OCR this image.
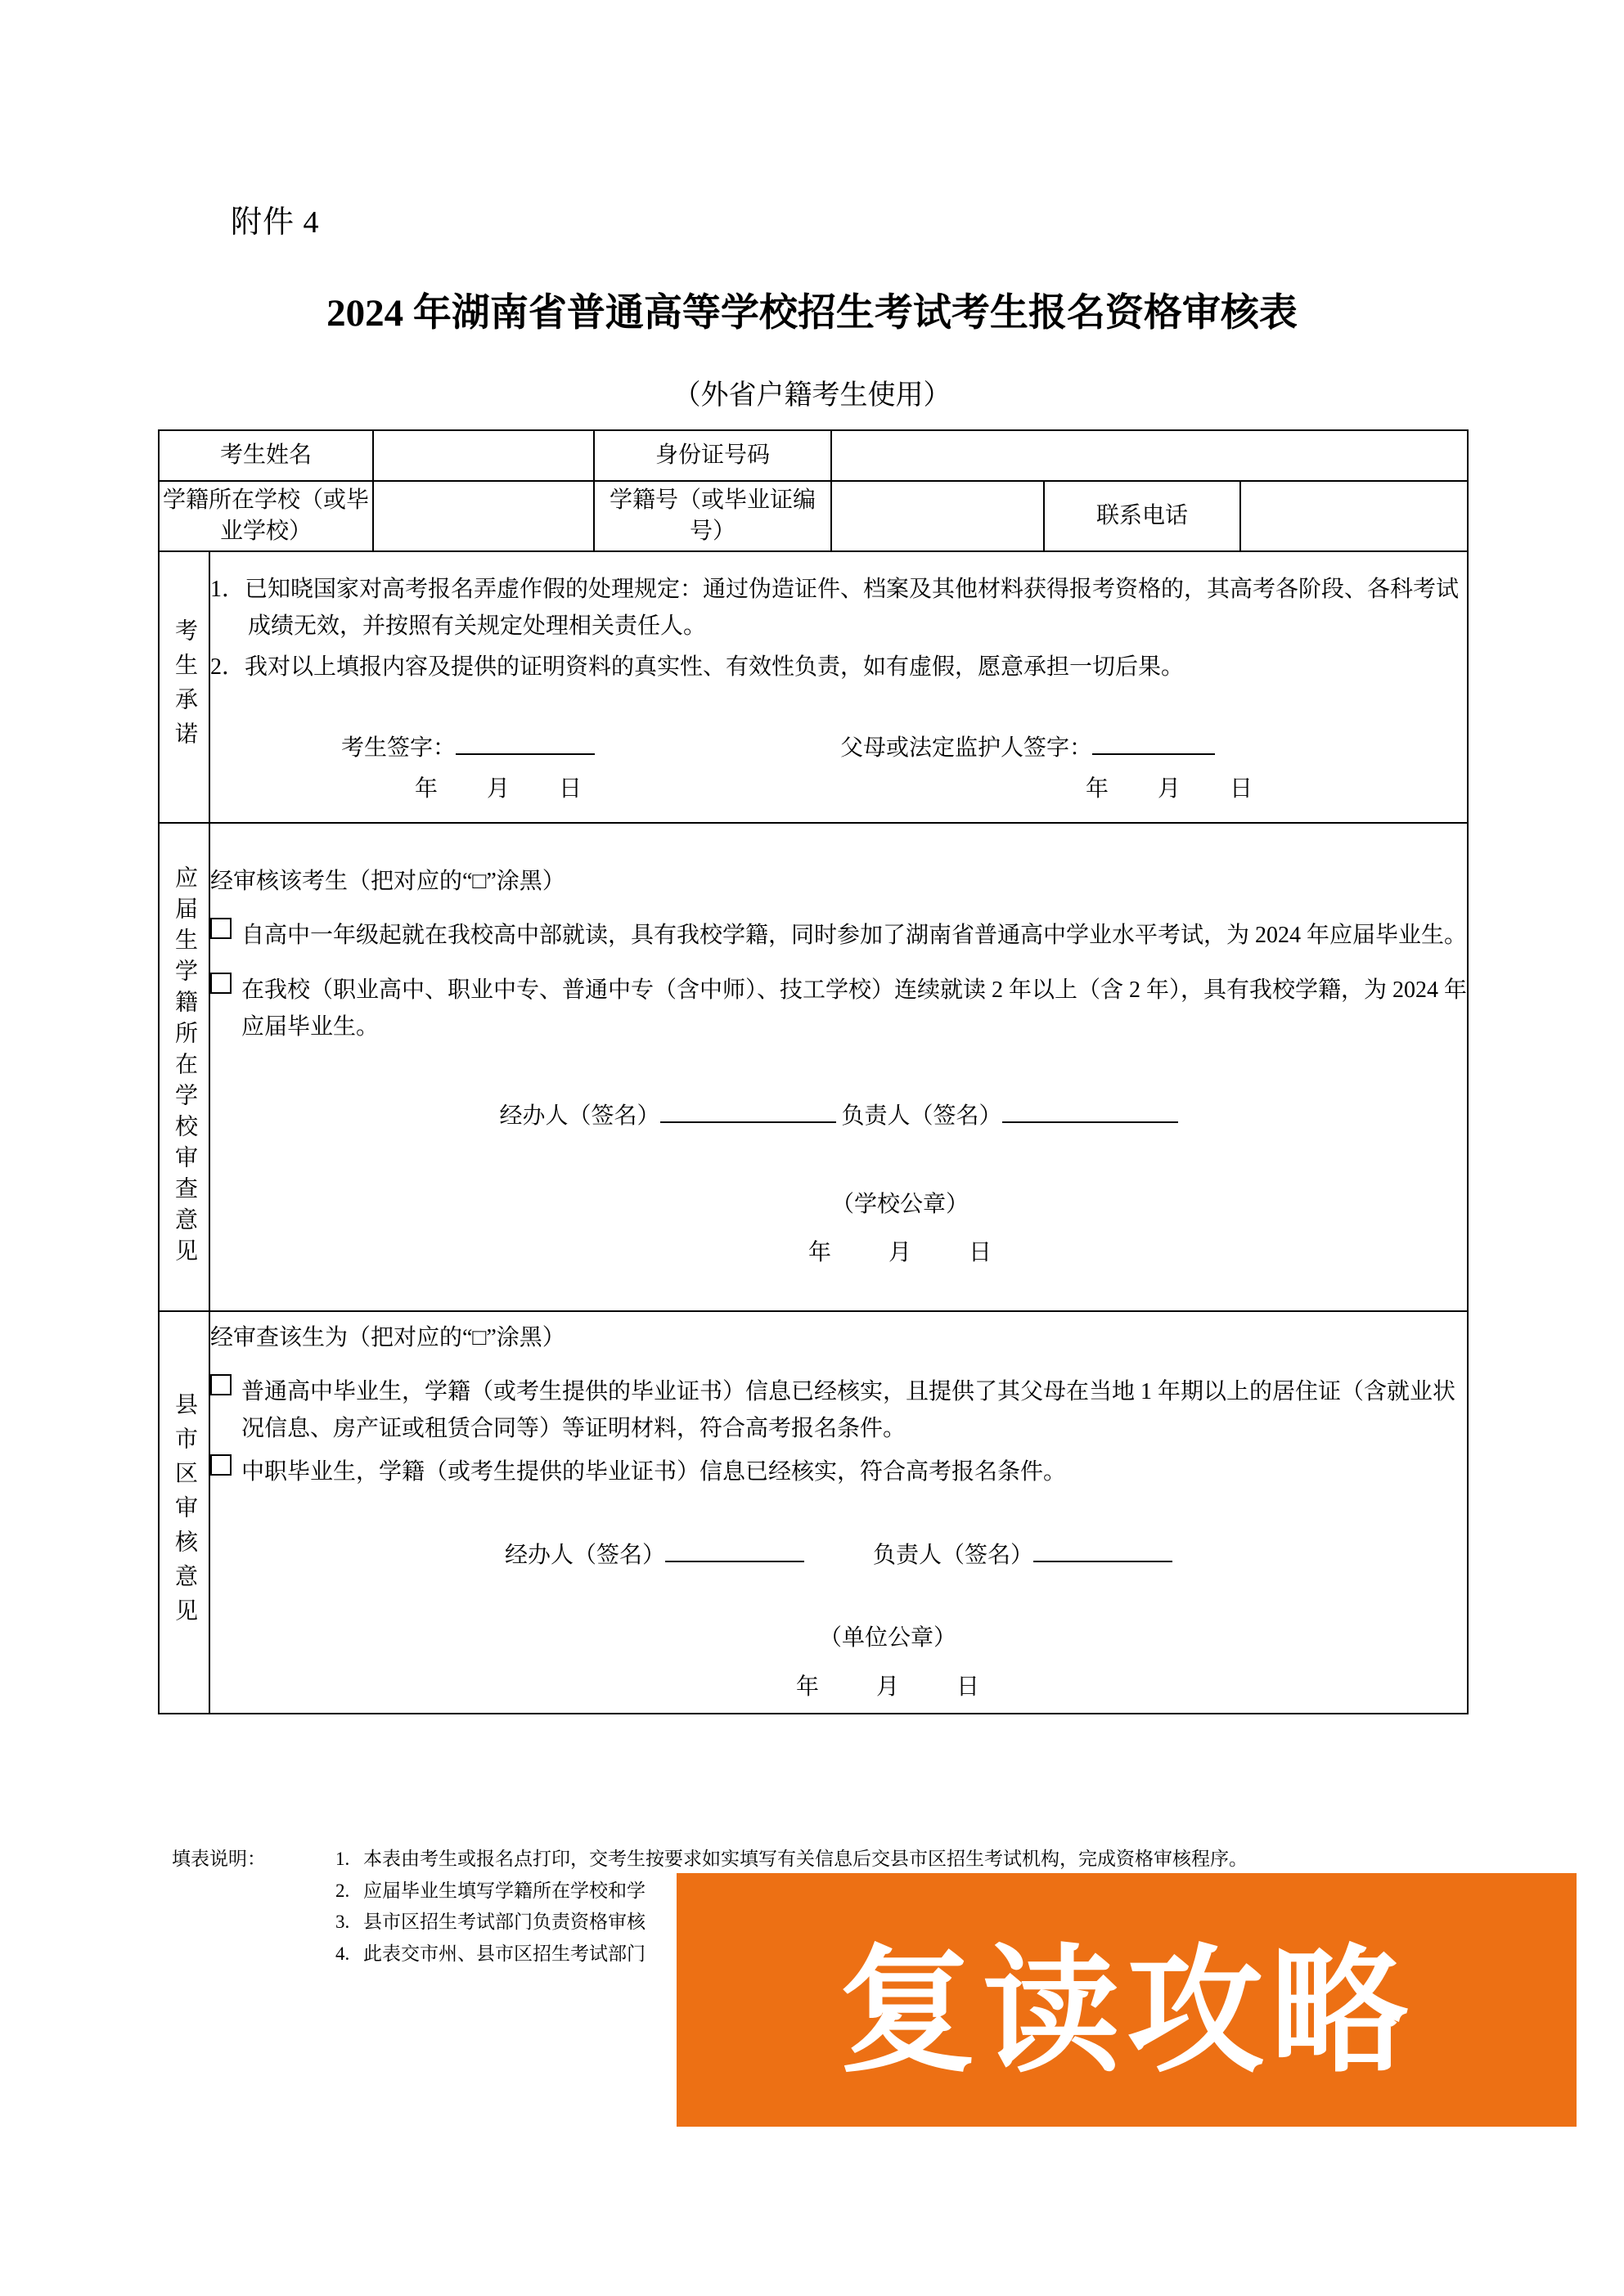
附件 4
2024 年湖南省普通高等学校招生考试考生报名资格审核表
（外省户籍考生使用）
考生姓名			身份证号码			
学籍所在学校（或毕业学校）			学籍号（或毕业证编号）		联系电话	

考生承诺

1．已知晓国家对高考报名弄虚作假的处理规定：通过伪造证件、档案及其他材料获得报考资格的，其高考各阶段、各科考试成绩无效，并按照有关规定处理相关责任人。

2．我对以上填报内容及提供的证明资料的真实性、有效性负责，如有虚假，愿意承担一切后果。

考生签字：	父母或法定监护人签字：
年 月 日	年 月 日

应届生学籍所在学校审查意见	经审核该考生（把对应的“□”涂黑）

自高中一年级起就在我校高中部就读，具有我校学籍，同时参加了湖南省普通高中学业水平考试，为 2024 年应届毕业生。
在我校（职业高中、职业中专、普通中专（含中师）、技工学校）连续就读 2 年以上（含 2 年），具有我校学籍，为 2024 年应届毕业生。
经办人（签名）	负责人（签名）
（学校公章）
年	月	日

县市区审核意见

经审查该生为（把对应的“□”涂黑）

普通高中毕业生，学籍（或考生提供的毕业证书）信息已经核实，且提供了其父母在当地 1 年期以上的居住证（含就业状况信息、房产证或租赁合同等）等证明材料，符合高考报名条件。
中职毕业生，学籍（或考生提供的毕业证书）信息已经核实，符合高考报名条件。
经办人（签名）	负责人（签名）
（单位公章）
年	月	日
填表说明：	1. 本表由考生或报名点打印，交考生按要求如实填写有关信息后交县市区招生考试机构，完成资格审核程序。
2. 应届毕业生填写学籍所在学校和学
3. 县市区招生考试部门负责资格审核
4. 此表交市州、县市区招生考试部门	复读攻略
